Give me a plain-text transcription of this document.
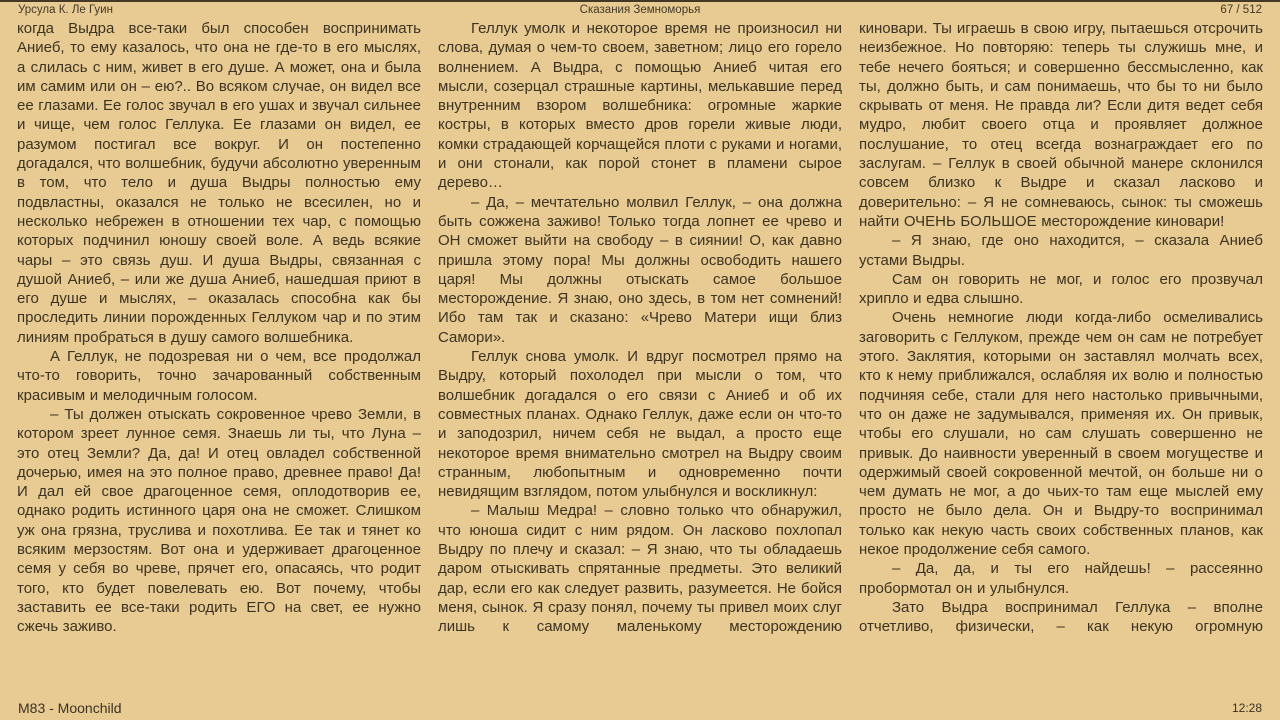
Урсула К. Ле Гуин	Сказания Земноморья	67 / 512

когда Выдра все-таки был способен воспринимать Аниеб, то ему казалось, что она не где-то в его мыслях, а слилась с ним, живет в его душе. А может, она и была им самим или он – ею?.. Во всяком случае, он видел все ее глазами. Ее голос звучал в его ушах и звучал сильнее и чище, чем голос Геллука. Ее глазами он видел, ее разумом постигал все вокруг. И он постепенно догадался, что волшебник, будучи абсолютно уверенным в том, что тело и душа Выдры полностью ему подвластны, оказался не только не всесилен, но и несколько небрежен в отношении тех чар, с помощью которых подчинил юношу своей воле. А ведь всякие чары – это связь душ. И душа Выдры, связанная с душой Аниеб, – или же душа Аниеб, нашедшая приют в его душе и мыслях, – оказалась способна как бы проследить линии порожденных Геллуком чар и по этим линиям пробраться в душу самого волшебника.

А Геллук, не подозревая ни о чем, все продолжал что-то говорить, точно зачарованный собственным красивым и мелодичным голосом.

– Ты должен отыскать сокровенное чрево Земли, в котором зреет лунное семя. Знаешь ли ты, что Луна – это отец Земли? Да, да! И отец овладел собственной дочерью, имея на это полное право, древнее право! Да! И дал ей свое драгоценное семя, оплодотворив ее, однако родить истинного царя она не сможет. Слишком уж она грязна, труслива и похотлива. Ее так и тянет ко всяким мерзостям. Вот она и удерживает драгоценное семя у себя во чреве, прячет его, опасаясь, что родит того, кто будет повелевать ею. Вот почему, чтобы заставить ее все-таки родить ЕГО на свет, ее нужно сжечь заживо.

Геллук умолк и некоторое время не произносил ни слова, думая о чем-то своем, заветном; лицо его горело волнением. А Выдра, с помощью Аниеб читая его мысли, созерцал страшные картины, мелькавшие перед внутренним взором волшебника: огромные жаркие костры, в которых вместо дров горели живые люди, комки страдающей корчащейся плоти с руками и ногами, и они стонали, как порой стонет в пламени сырое дерево…

– Да, – мечтательно молвил Геллук, – она должна быть сожжена заживо! Только тогда лопнет ее чрево и ОН сможет выйти на свободу – в сиянии! О, как давно пришла этому пора! Мы должны освободить нашего царя! Мы должны отыскать самое большое месторождение. Я знаю, оно здесь, в том нет сомнений! Ибо там так и сказано: «Чрево Матери ищи близ Самори».

Геллук снова умолк. И вдруг посмотрел прямо на Выдру, который похолодел при мысли о том, что волшебник догадался о его связи с Аниеб и об их совместных планах. Однако Геллук, даже если он что-то и заподозрил, ничем себя не выдал, а просто еще некоторое время внимательно смотрел на Выдру своим странным, любопытным и одновременно почти невидящим взглядом, потом улыбнулся и воскликнул:

– Малыш Медра! – словно только что обнаружил, что юноша сидит с ним рядом. Он ласково похлопал Выдру по плечу и сказал: – Я знаю, что ты обладаешь даром отыскивать спрятанные предметы. Это великий дар, если его как следует развить, разумеется. Не бойся меня, сынок. Я сразу понял, почему ты привел моих слуг лишь к самому маленькому месторождению

киновари. Ты играешь в свою игру, пытаешься отсрочить неизбежное. Но повторяю: теперь ты служишь мне, и тебе нечего бояться; и совершенно бессмысленно, как ты, должно быть, и сам понимаешь, что бы то ни было скрывать от меня. Не правда ли? Если дитя ведет себя мудро, любит своего отца и проявляет должное послушание, то отец всегда вознаграждает его по заслугам. – Геллук в своей обычной манере склонился совсем близко к Выдре и сказал ласково и доверительно: – Я не сомневаюсь, сынок: ты сможешь найти ОЧЕНЬ БОЛЬШОЕ месторождение киновари!

– Я знаю, где оно находится, – сказала Аниеб устами Выдры.

Сам он говорить не мог, и голос его прозвучал хрипло и едва слышно.

Очень немногие люди когда-либо осмеливались заговорить с Геллуком, прежде чем он сам не потребует этого. Заклятия, которыми он заставлял молчать всех, кто к нему приближался, ослабляя их волю и полностью подчиняя себе, стали для него настолько привычными, что он даже не задумывался, применяя их. Он привык, чтобы его слушали, но сам слушать совершенно не привык. До наивности уверенный в своем могуществе и одержимый своей сокровенной мечтой, он больше ни о чем думать не мог, а до чьих-то там еще мыслей ему просто не было дела. Он и Выдру-то воспринимал только как некую часть своих собственных планов, как некое продолжение себя самого.

– Да, да, и ты его найдешь! – рассеянно пробормотал он и улыбнулся.

Зато Выдра воспринимал Геллука – вполне отчетливо, физически, – как некую огромную

M83 - Moonchild	12:28
